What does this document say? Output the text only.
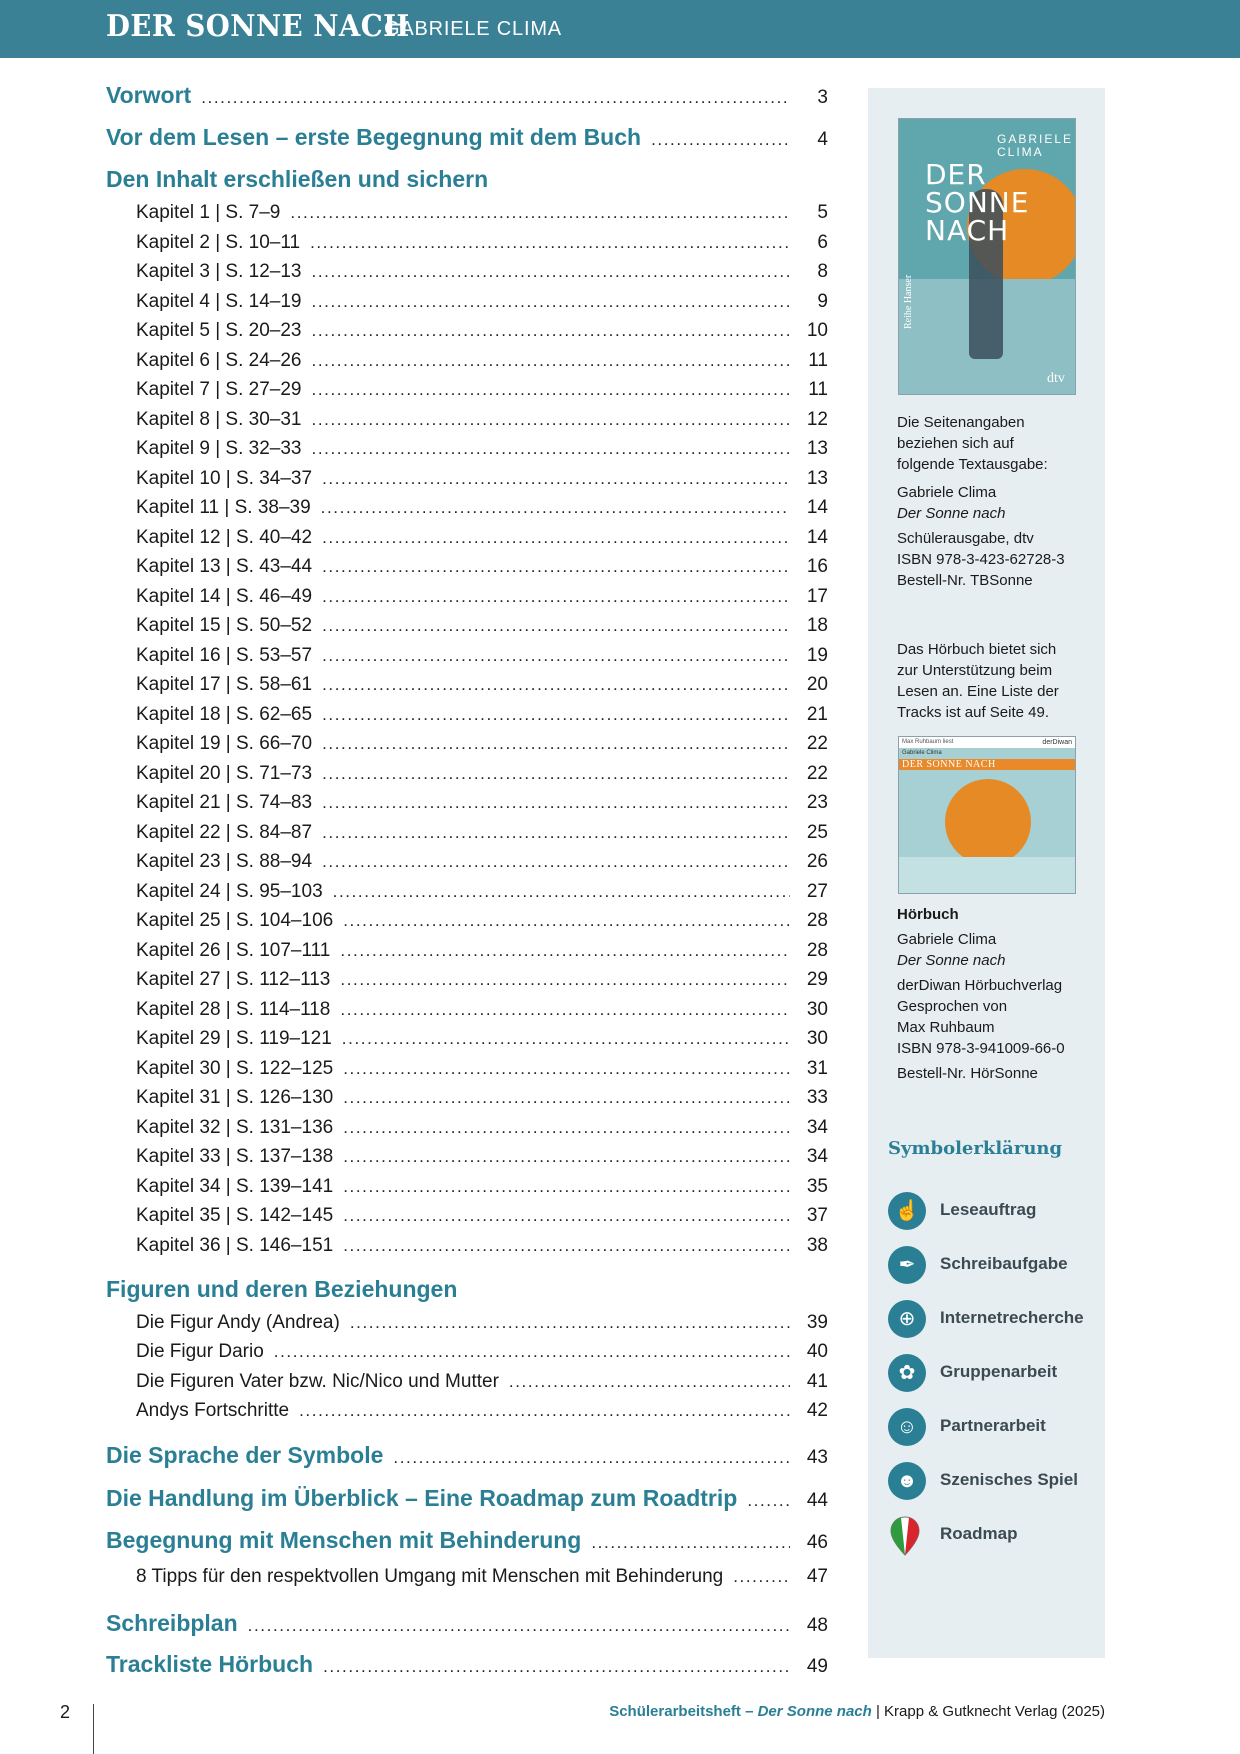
DER SONNE NACH
GABRIELE CLIMA
Vorwort .....	3
Vor dem Lesen – erste Begegnung mit dem Buch .....	4
Den Inhalt erschließen und sichern
Kapitel 1 | S. 7–9 .....	5
Kapitel 2 | S. 10–11 .....	6
Kapitel 3 | S. 12–13 .....	8
Kapitel 4 | S. 14–19 .....	9
Kapitel 5 | S. 20–23 .....	10
Kapitel 6 | S. 24–26 .....	11
Kapitel 7 | S. 27–29 .....	11
Kapitel 8 | S. 30–31 .....	12
Kapitel 9 | S. 32–33 .....	13
Kapitel 10 | S. 34–37 .....	13
Kapitel 11 | S. 38–39 .....	14
Kapitel 12 | S. 40–42 .....	14
Kapitel 13 | S. 43–44 .....	16
Kapitel 14 | S. 46–49 .....	17
Kapitel 15 | S. 50–52 .....	18
Kapitel 16 | S. 53–57 .....	19
Kapitel 17 | S. 58–61 .....	20
Kapitel 18 | S. 62–65 .....	21
Kapitel 19 | S. 66–70 .....	22
Kapitel 20 | S. 71–73 .....	22
Kapitel 21 | S. 74–83 .....	23
Kapitel 22 | S. 84–87 .....	25
Kapitel 23 | S. 88–94 .....	26
Kapitel 24 | S. 95–103 .....	27
Kapitel 25 | S. 104–106 .....	28
Kapitel 26 | S. 107–111 .....	28
Kapitel 27 | S. 112–113 .....	29
Kapitel 28 | S. 114–118 .....	30
Kapitel 29 | S. 119–121 .....	30
Kapitel 30 | S. 122–125 .....	31
Kapitel 31 | S. 126–130 .....	33
Kapitel 32 | S. 131–136 .....	34
Kapitel 33 | S. 137–138 .....	34
Kapitel 34 | S. 139–141 .....	35
Kapitel 35 | S. 142–145 .....	37
Kapitel 36 | S. 146–151 .....	38
Figuren und deren Beziehungen
Die Figur Andy (Andrea) .....	39
Die Figur Dario .....	40
Die Figuren Vater bzw. Nic/Nico und Mutter .....	41
Andys Fortschritte .....	42
Die Sprache der Symbole .....	43
Die Handlung im Überblick – Eine Roadmap zum Roadtrip .....	44
Begegnung mit Menschen mit Behinderung .....	46
8 Tipps für den respektvollen Umgang mit Menschen mit Behinderung .....	47
Schreibplan .....	48
Trackliste Hörbuch .....	49
DER
SONNE
NACH
GABRIELE
CLIMA
Reihe Hanser
dtv
Die Seitenangaben
beziehen sich auf
folgende Textausgabe:
Gabriele Clima
Der Sonne nach
Schülerausgabe, dtv
ISBN 978-3-423-62728-3
Bestell-Nr. TBSonne
Das Hörbuch bietet sich
zur Unterstützung beim
Lesen an. Eine Liste der
Tracks ist auf Seite 49.
Max Ruhbaum liest	derDiwan
Gabriele Clima
DER SONNE NACH
Hörbuch
Gabriele Clima
Der Sonne nach
derDiwan Hörbuchverlag
Gesprochen von
Max Ruhbaum
ISBN 978-3-941009-66-0
Bestell-Nr. HörSonne
Symbolerklärung
☝	Leseauftrag
✒	Schreibaufgabe
⊕	Internetrecherche
✿	Gruppenarbeit
☺	Partnerarbeit
☻	Szenisches Spiel
Roadmap
2	Schülerarbeitsheft – Der Sonne nach | Krapp & Gutknecht Verlag (2025)
